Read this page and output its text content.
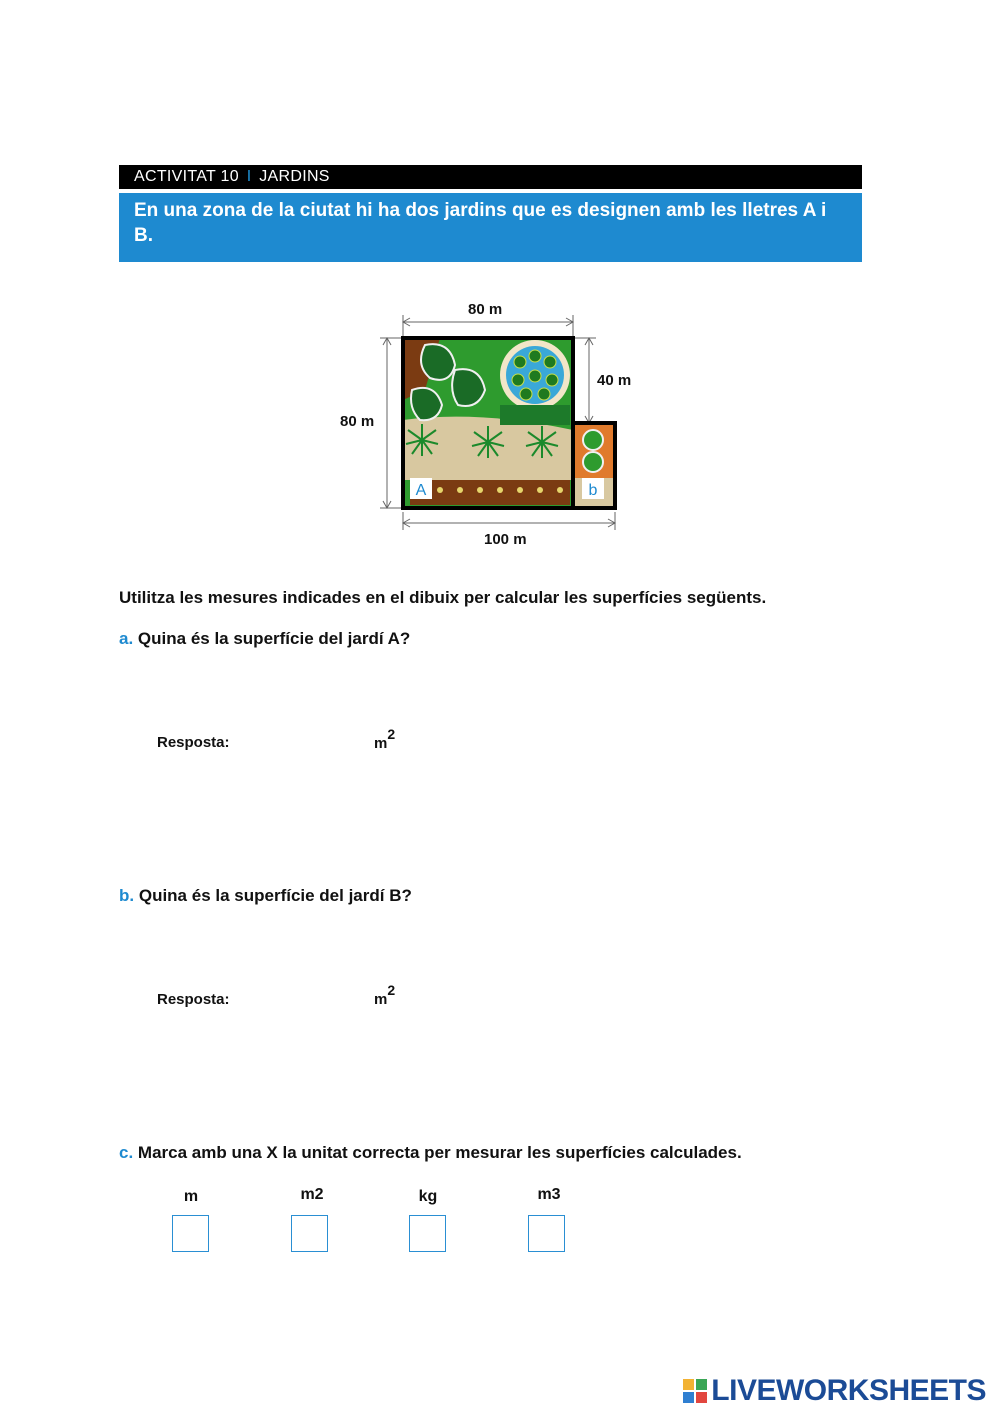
ACTIVITAT 10 I JARDINS
En una zona de la ciutat hi ha dos jardins que es designen amb les lletres A i B.
A	b
80 m
80 m
40 m
100 m
Utilitza les mesures indicades en el dibuix per calcular les superfícies següents.
a. Quina és la superfície del jardí A?
Resposta:	$m^2$
b. Quina és la superfície del jardí B?
Resposta:	$m^2$
c. Marca amb una X la unitat correcta per mesurar les superfícies calculades.
m	m2	kg	m3
LIVEWORKSHEETS
